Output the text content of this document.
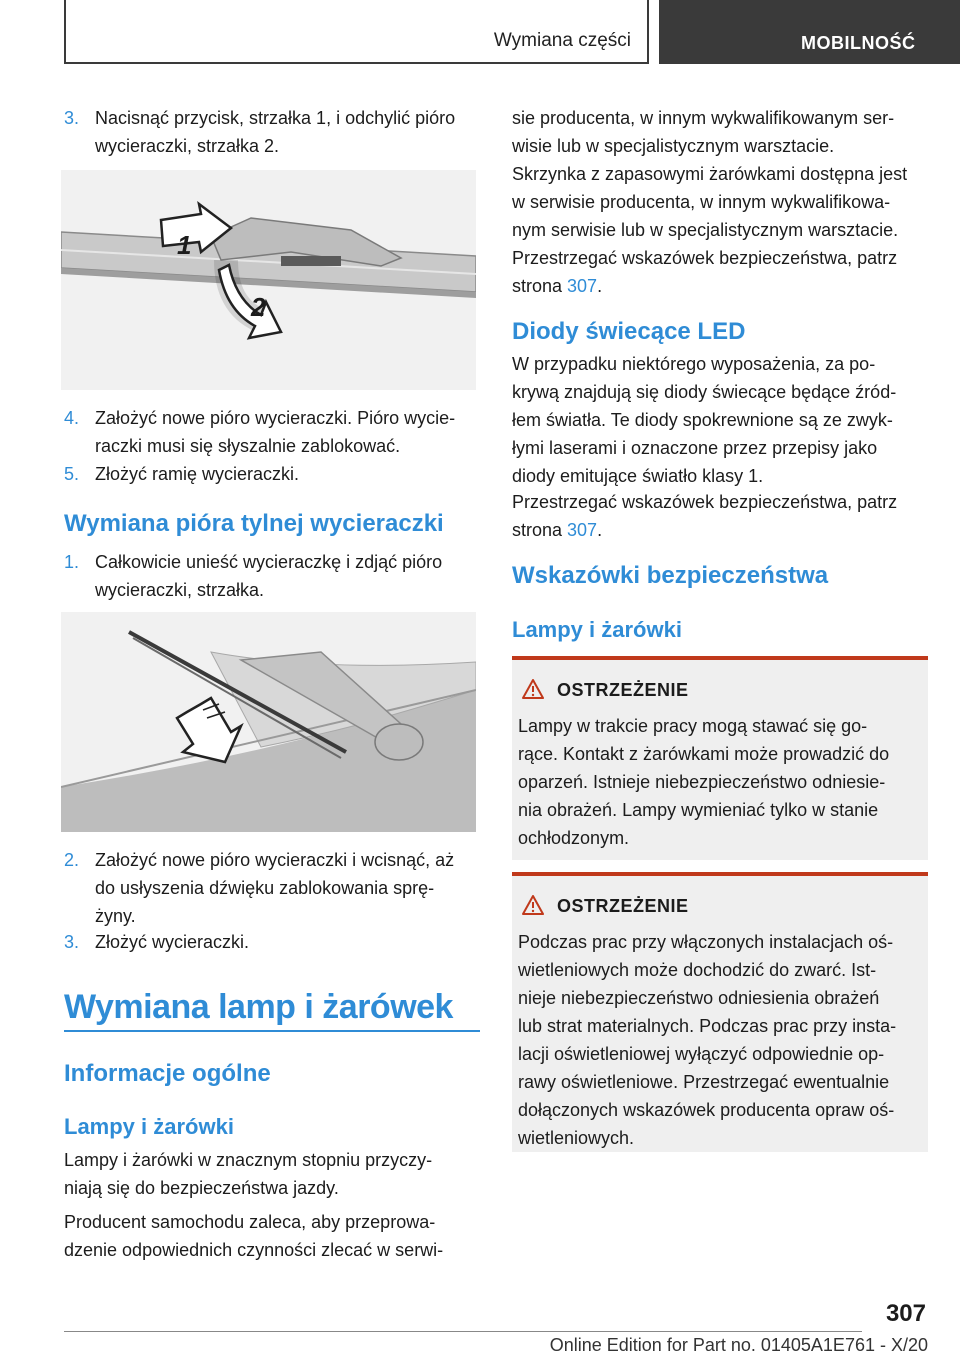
Wymiana części	MOBILNOŚĆ
3. Nacisnąć przycisk, strzałka 1, i odchylić pióro
wycieraczki, strzałka 2.
1
2
4. Założyć nowe pióro wycieraczki. Pióro wycie-
raczki musi się słyszalnie zablokować.
5. Złożyć ramię wycieraczki.
Wymiana pióra tylnej wycieraczki
1. Całkowicie unieść wycieraczkę i zdjąć pióro
wycieraczki, strzałka.
2. Założyć nowe pióro wycieraczki i wcisnąć, aż
do usłyszenia dźwięku zablokowania sprę-
żyny.
3. Złożyć wycieraczki.
Wymiana lamp i żarówek
Informacje ogólne
Lampy i żarówki
Lampy i żarówki w znacznym stopniu przyczy-
niają się do bezpieczeństwa jazdy.
Producent samochodu zaleca, aby przeprowa-
dzenie odpowiednich czynności zlecać w serwi-
sie producenta, w innym wykwalifikowanym ser-
wisie lub w specjalistycznym warsztacie.
Skrzynka z zapasowymi żarówkami dostępna jest
w serwisie producenta, w innym wykwalifikowa-
nym serwisie lub w specjalistycznym warsztacie.
Przestrzegać wskazówek bezpieczeństwa, patrz
strona 307.
Diody świecące LED
W przypadku niektórego wyposażenia, za po-
krywą znajdują się diody świecące będące źród-
łem światła. Te diody spokrewnione są ze zwyk-
łymi laserami i oznaczone przez przepisy jako
diody emitujące światło klasy 1.
Przestrzegać wskazówek bezpieczeństwa, patrz
strona 307.
Wskazówki bezpieczeństwa
Lampy i żarówki
OSTRZEŻENIE
Lampy w trakcie pracy mogą stawać się go-
rące. Kontakt z żarówkami może prowadzić do
oparzeń. Istnieje niebezpieczeństwo odniesie-
nia obrażeń. Lampy wymieniać tylko w stanie
ochłodzonym.
OSTRZEŻENIE
Podczas prac przy włączonych instalacjach oś-
wietleniowych może dochodzić do zwarć. Ist-
nieje niebezpieczeństwo odniesienia obrażeń
lub strat materialnych. Podczas prac przy insta-
lacji oświetleniowej wyłączyć odpowiednie op-
rawy oświetleniowe. Przestrzegać ewentualnie
dołączonych wskazówek producenta opraw oś-
wietleniowych.
307
Online Edition for Part no. 01405A1E761 - X/20
